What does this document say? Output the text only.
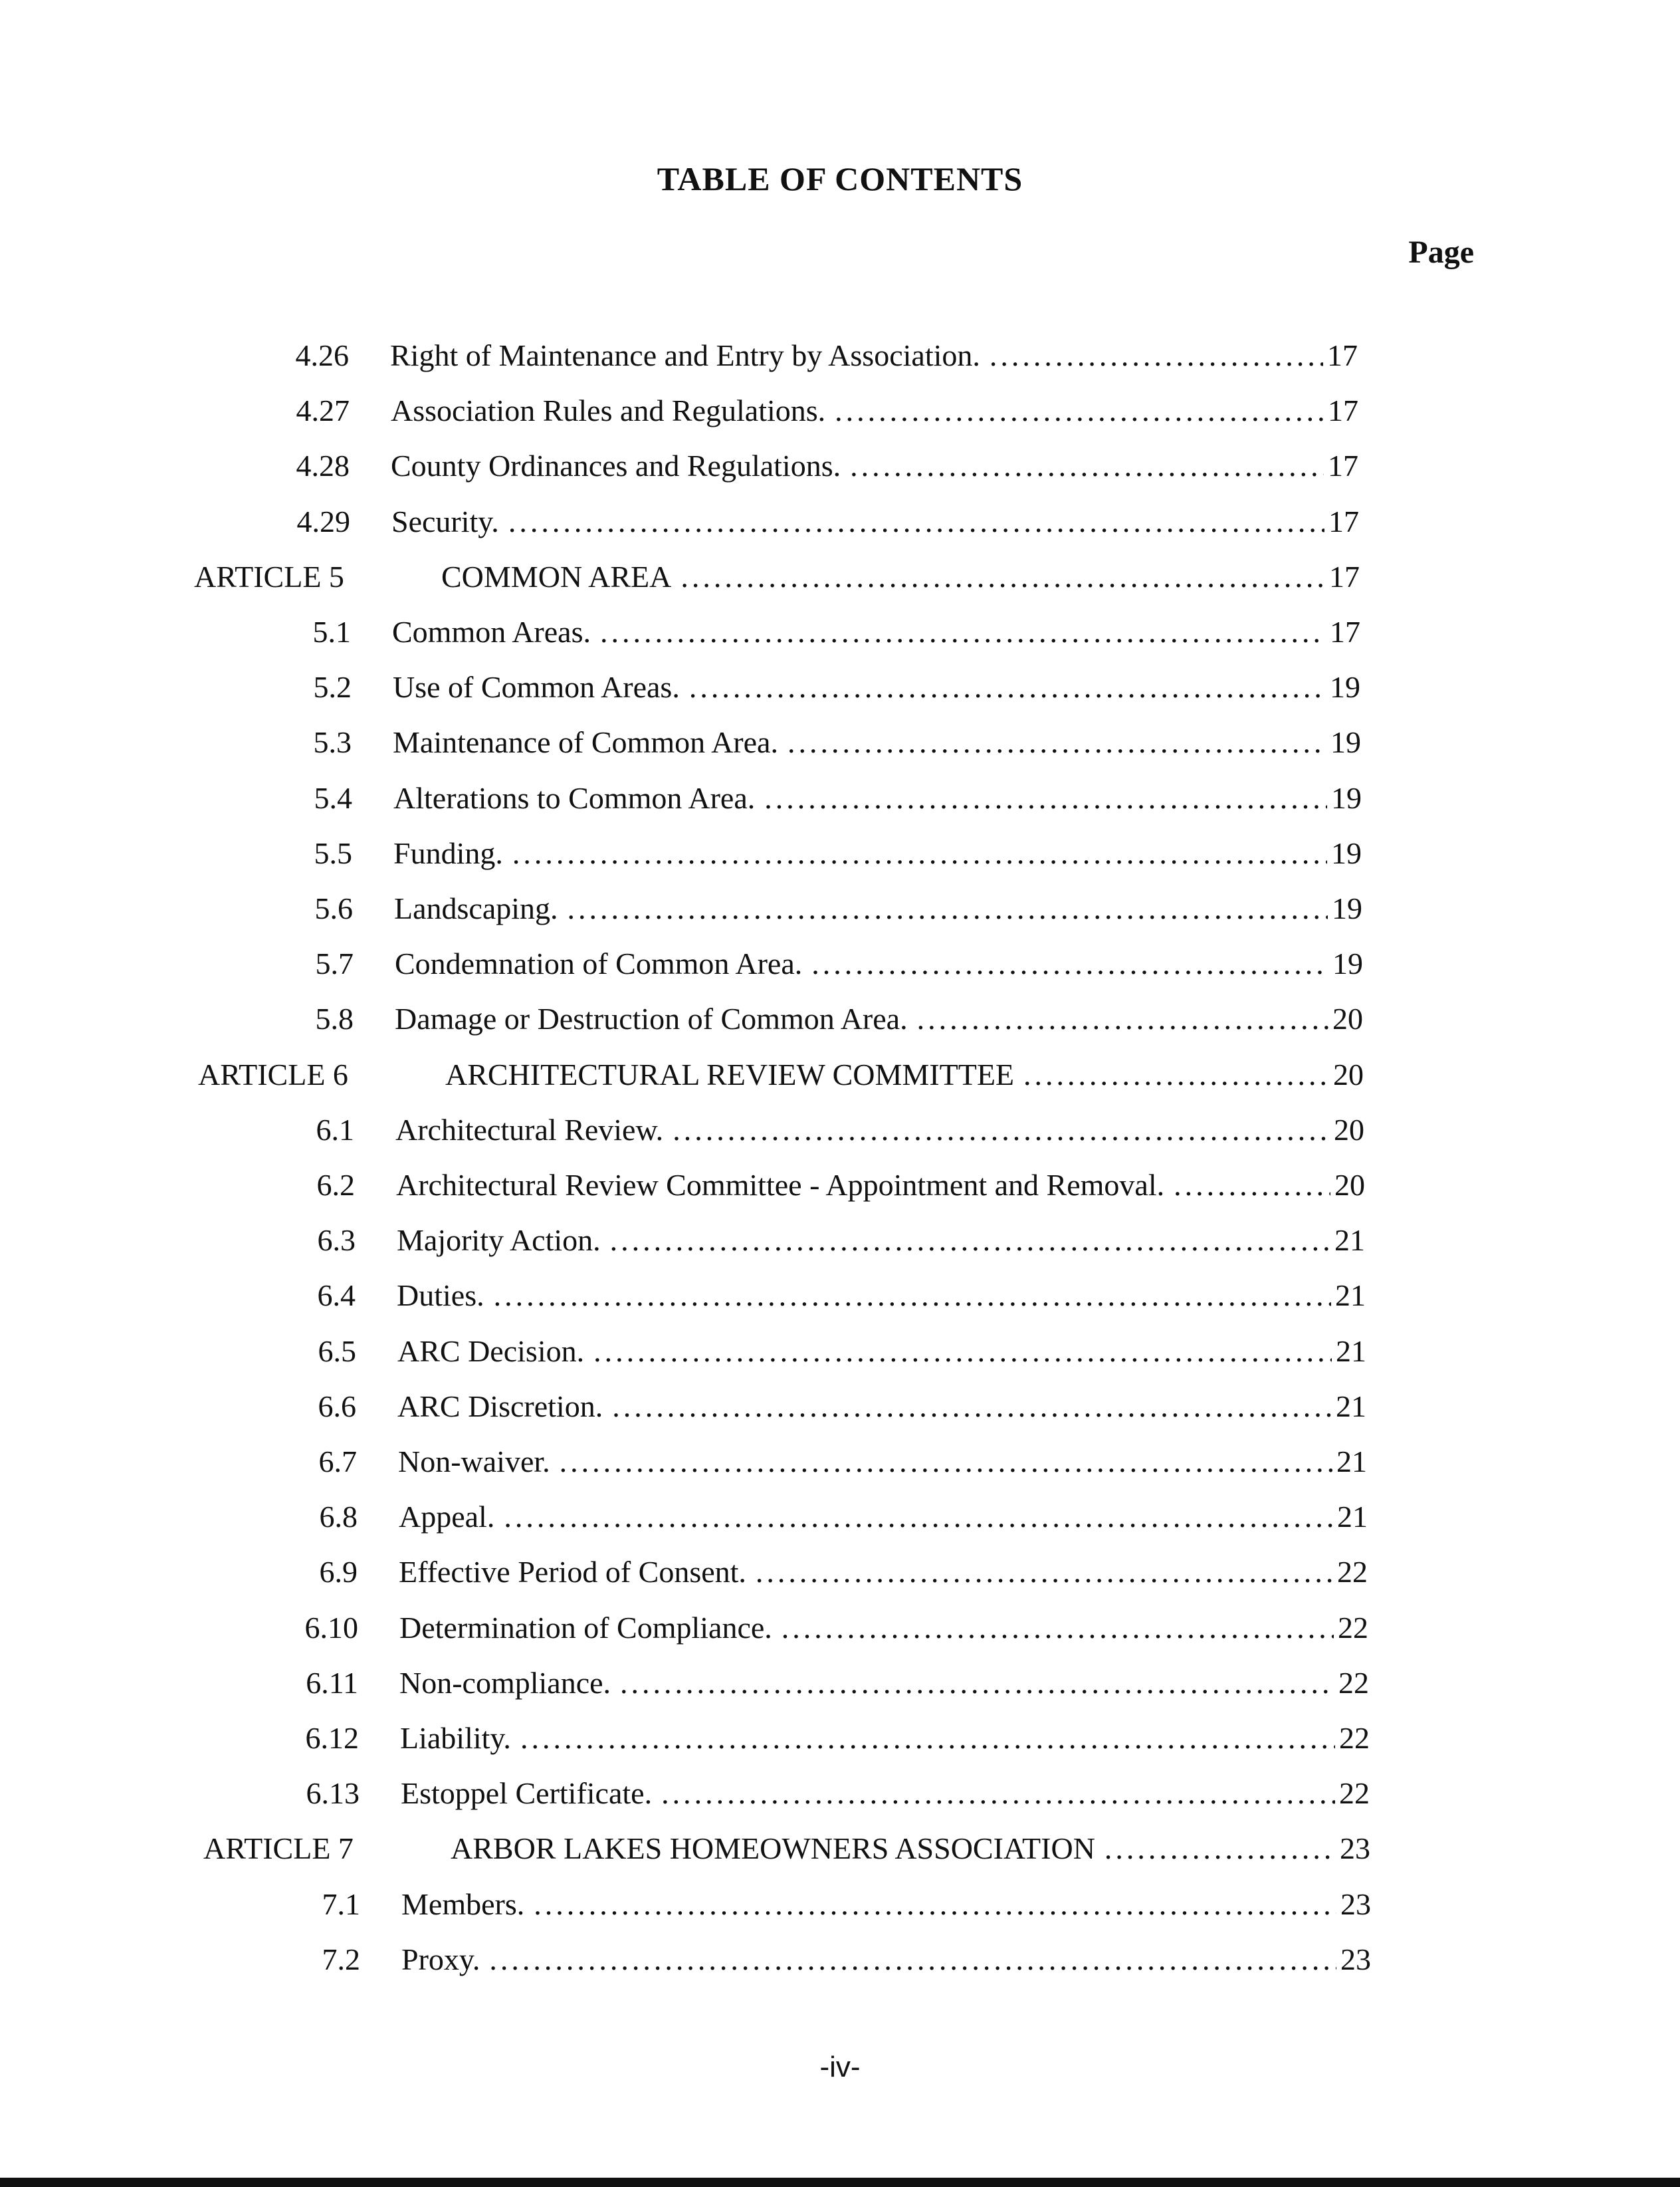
TABLE OF CONTENTS
Page
4.26 Right of Maintenance and Entry by Association. .....	17
4.27 Association Rules and Regulations. .....	17
4.28 County Ordinances and Regulations. .....	17
4.29 Security. .....	17
ARTICLE 5	COMMON AREA .....	17
5.1 Common Areas. .....	17
5.2 Use of Common Areas. .....	19
5.3 Maintenance of Common Area. .....	19
5.4 Alterations to Common Area. .....	19
5.5 Funding. .....	19
5.6 Landscaping. .....	19
5.7 Condemnation of Common Area. .....	19
5.8 Damage or Destruction of Common Area. .....	20
ARTICLE 6	ARCHITECTURAL REVIEW COMMITTEE .....	20
6.1 Architectural Review. .....	20
6.2 Architectural Review Committee - Appointment and Removal. .....	20
6.3 Majority Action. .....	21
6.4 Duties. .....	21
6.5 ARC Decision. .....	21
6.6 ARC Discretion. .....	21
6.7 Non-waiver. .....	21
6.8 Appeal. .....	21
6.9 Effective Period of Consent. .....	22
6.10 Determination of Compliance. .....	22
6.11 Non-compliance. .....	22
6.12 Liability. .....	22
6.13 Estoppel Certificate. .....	22
ARTICLE 7	ARBOR LAKES HOMEOWNERS ASSOCIATION .....	23
7.1 Members. .....	23
7.2 Proxy. .....	23
-iv-
